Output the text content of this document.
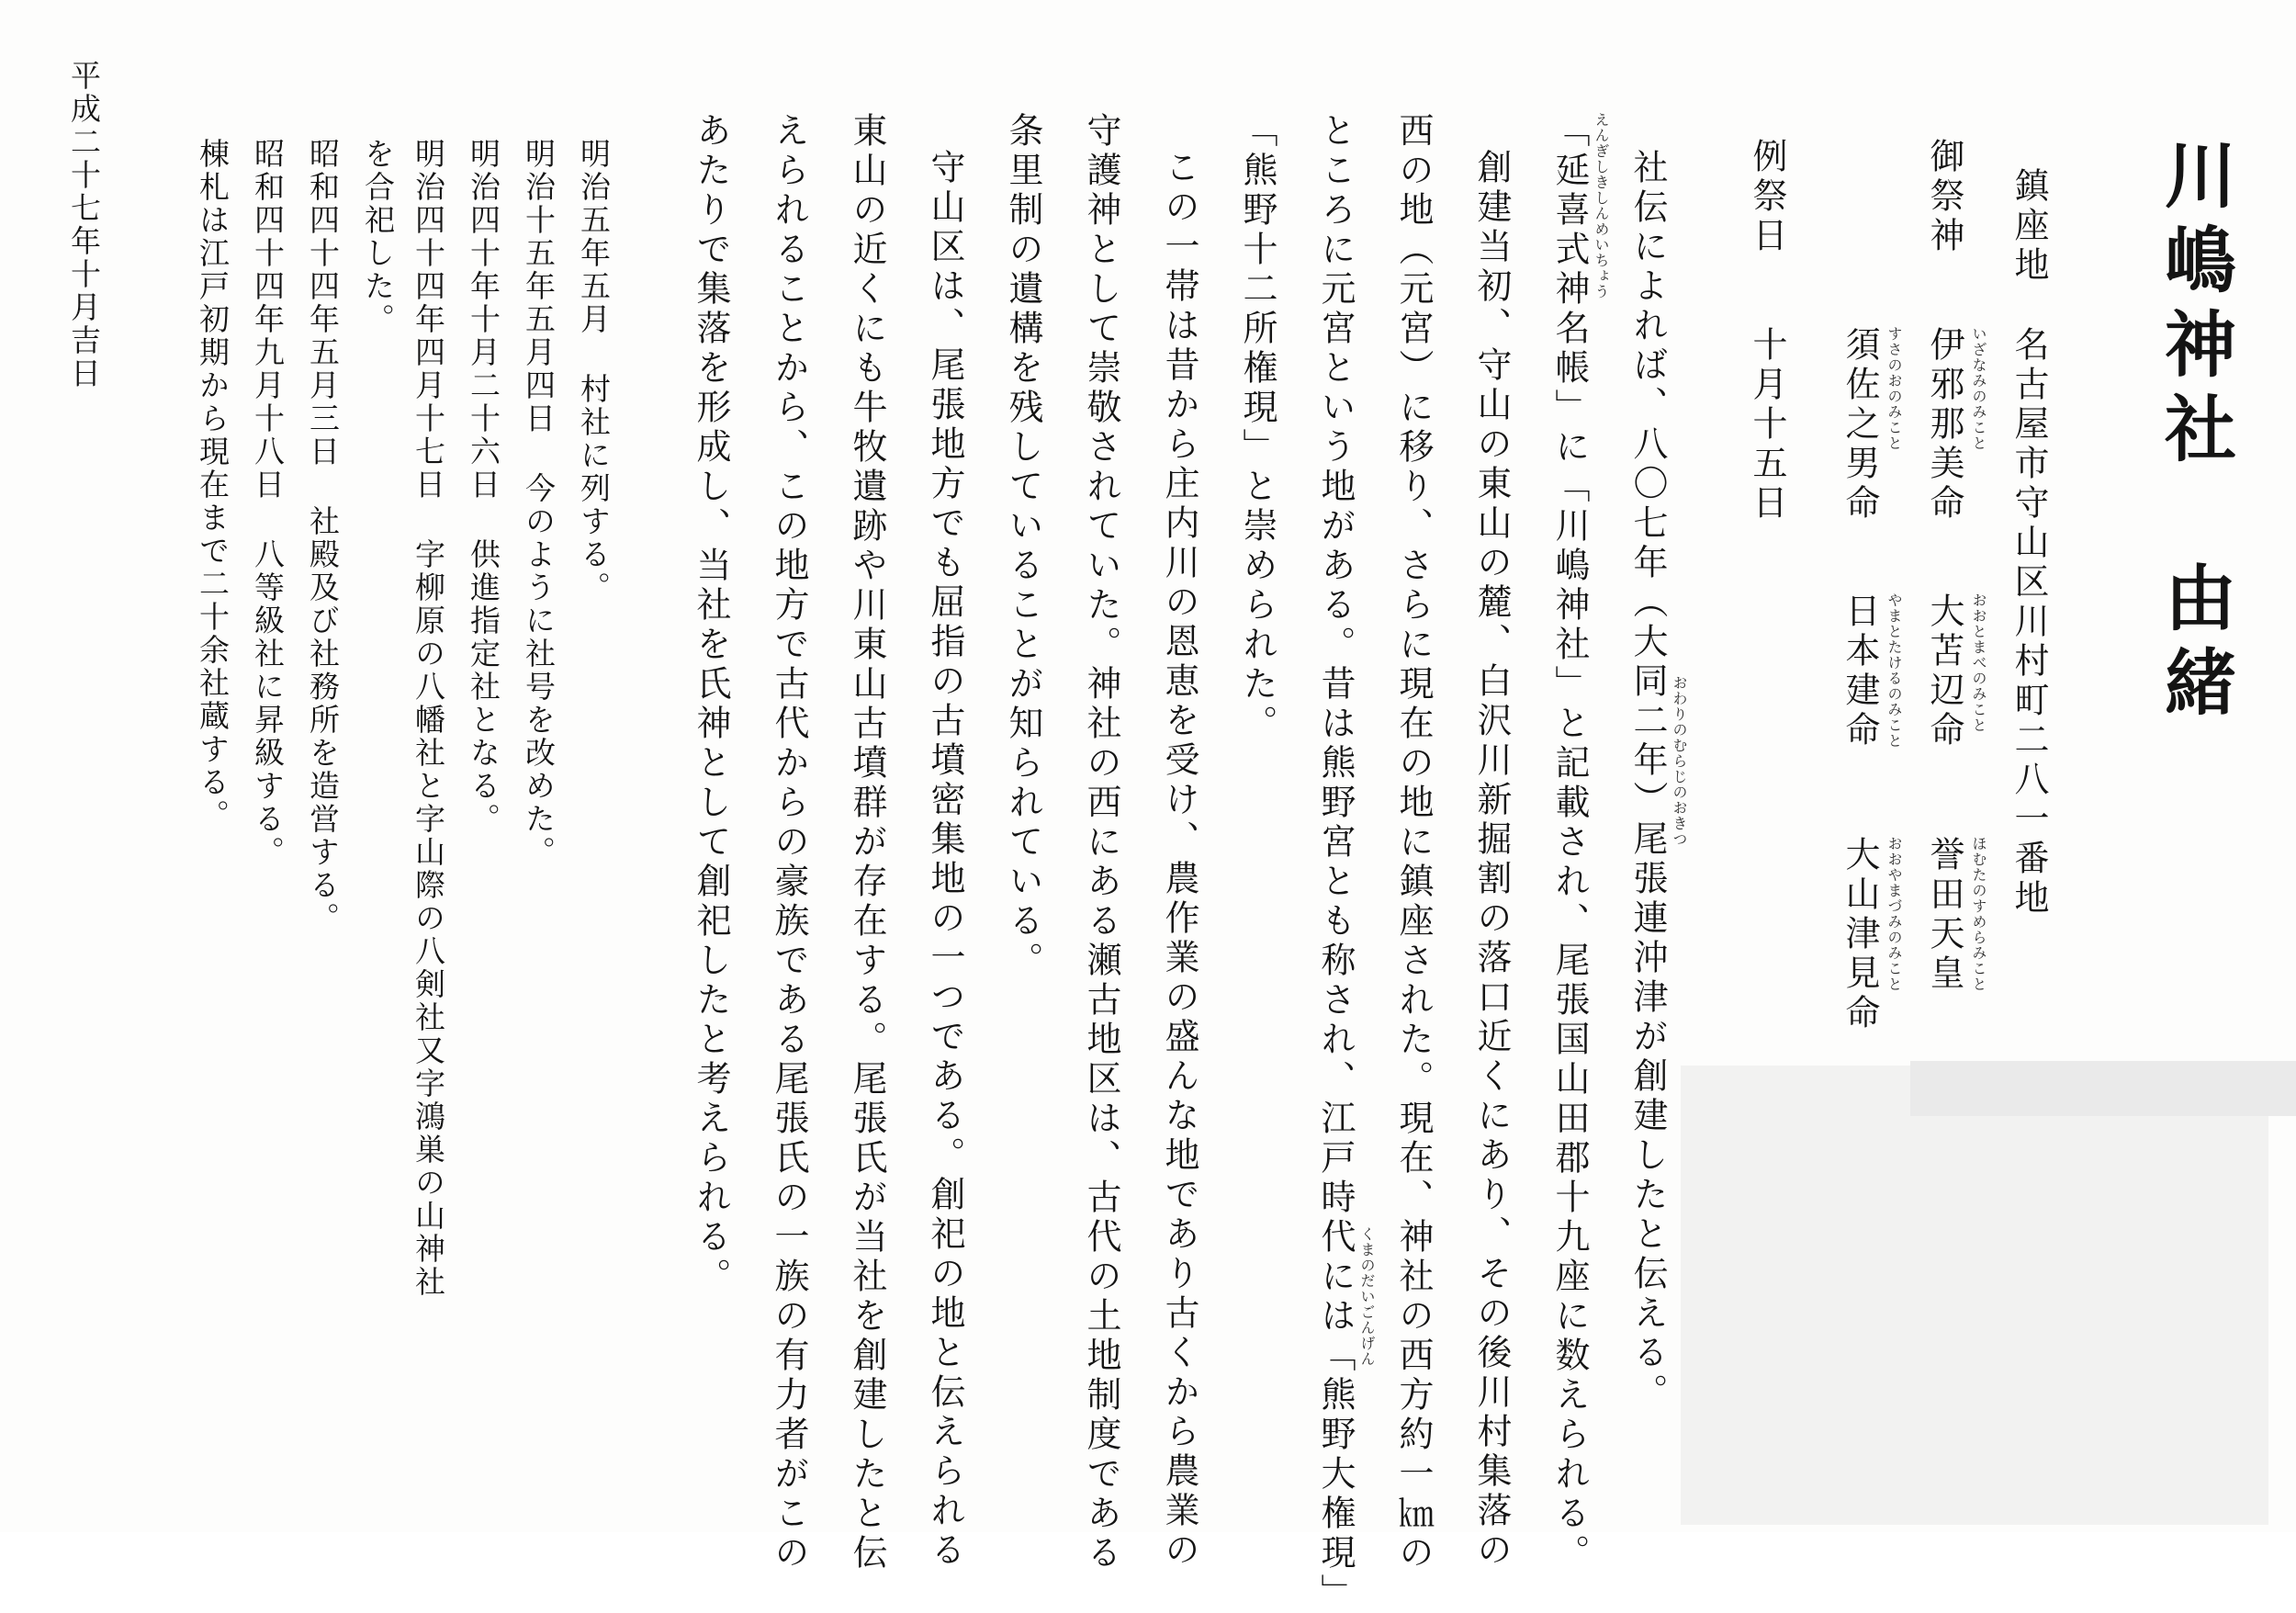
川嶋神社　由緒
鎮座地
名古屋市守山区川村町二八一番地
御祭神
いざなみのみこと
伊邪那美命
おおとまべのみこと
大苫辺命
ほむたのすめらみこと
誉田天皇
すさのおのみこと
須佐之男命
やまとたけるのみこと
日本建命
おおやまづみのみこと
大山津見命
例祭日
十月十五日
社伝によれば、八〇七年（大同二年）尾張連沖津が創建したと伝える。 おわりのむらじのおきつ
えんぎしきしんめいちょう
「延喜式神名帳」に「川嶋神社」と記載され、尾張国山田郡十九座に数えられる。
創建当初、守山の東山の麓、白沢川新掘割の落口近くにあり、その後川村集落の
西の地（元宮）に移り、さらに現在の地に鎮座された。現在、神社の西方約一㎞の
ところに元宮という地がある。昔は熊野宮とも称され、江戸時代には「熊野大権現」 くまのだいごんげん
「熊野十二所権現」と崇められた。
この一帯は昔から庄内川の恩恵を受け、農作業の盛んな地であり古くから農業の
守護神として崇敬されていた。神社の西にある瀬古地区は、古代の土地制度である
条里制の遺構を残していることが知られている。
守山区は、尾張地方でも屈指の古墳密集地の一つである。創祀の地と伝えられる
東山の近くにも牛牧遺跡や川東山古墳群が存在する。尾張氏が当社を創建したと伝
えられることから、この地方で古代からの豪族である尾張氏の一族の有力者がこの
あたりで集落を形成し、当社を氏神として創祀したと考えられる。
明治五年五月村社に列する。
明治十五年五月四日今のように社号を改めた。
明治四十年十月二十六日供進指定社となる。
明治四十四年四月十七日字柳原の八幡社と字山際の八剣社又字鴻巣の山神社
を合祀した。
昭和四十四年五月三日社殿及び社務所を造営する。
昭和四十四年九月十八日八等級社に昇級する。
棟札は江戸初期から現在まで二十余社蔵する。
平成二十七年十月吉日
